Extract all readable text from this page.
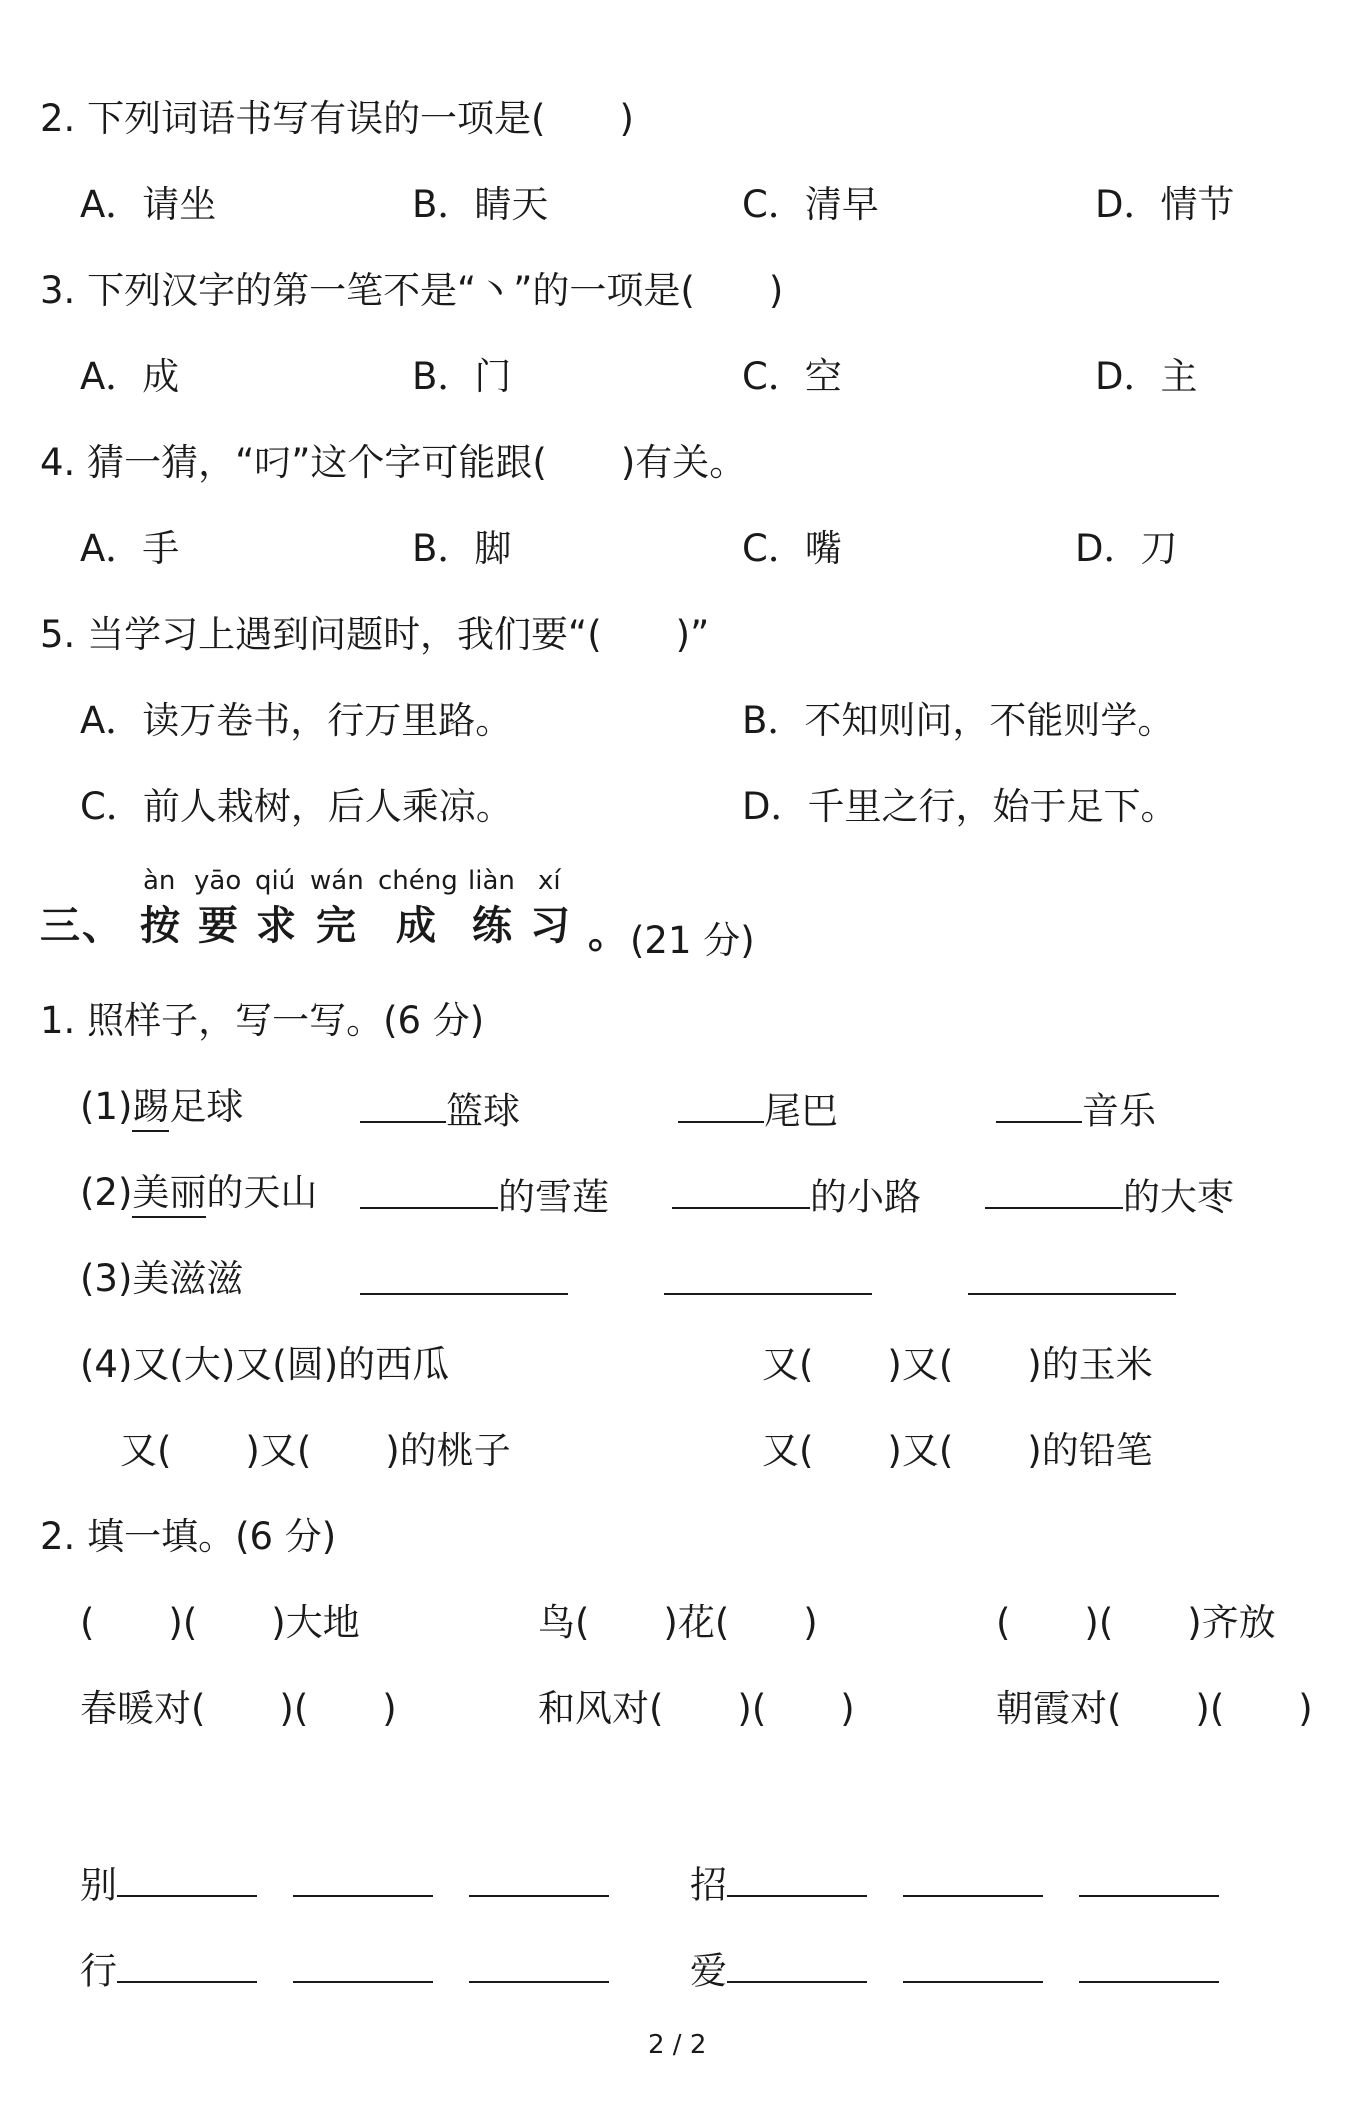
2. 下列词语书写有误的一项是(　　)
A．请坐	B．睛天	C．清早	D．情节
3. 下列汉字的第一笔不是“丶”的一项是(　　)
A．成	B．门	C．空	D．主
4. 猜一猜，“叼”这个字可能跟(　　)有关。
A．手	B．脚	C．嘴	D．刀
5. 当学习上遇到问题时，我们要“(　　)”
A．读万卷书，行万里路。	B．不知则问，不能则学。
C．前人栽树，后人乘凉。	D．千里之行，始于足下。
àn yāo qiú wán chéng liàn xí
三、 按 要 求 完 成 练 习 。 (21 分)
1. 照样子，写一写。(6 分)
(1)踢足球	篮球	尾巴	音乐
(2)美丽的天山	的雪莲	的小路	的大枣
(3)美滋滋
(4)又(大)又(圆)的西瓜	又(　　)又(　　)的玉米
又(　　)又(　　)的桃子	又(　　)又(　　)的铅笔
2. 填一填。(6 分)
(　　)(　　)大地	鸟(　　)花(　　)	(　　)(　　)齐放
春暖对(　　)(　　)	和风对(　　)(　　)	朝霞对(　　)(　　)
别	招
行	爱
2 / 2
